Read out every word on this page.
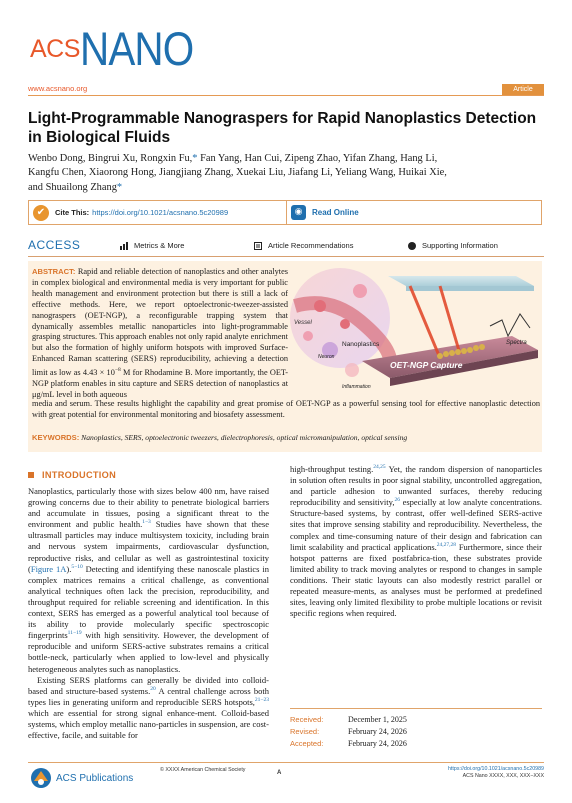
ACS NANO
www.acsnano.org	Article
Light-Programmable Nanograspers for Rapid Nanoplastics Detection in Biological Fluids
Wenbo Dong, Bingrui Xu, Rongxin Fu,* Fan Yang, Han Cui, Zipeng Zhao, Yifan Zhang, Hang Li,
Kangfu Chen, Xiaorong Hong, Jiangjiang Zhang, Xuekai Liu, Jiafang Li, Yeliang Wang, Huikai Xie,
and Shuailong Zhang*
✔	Cite This: https://doi.org/10.1021/acsnano.5c20989	◉	Read Online
ACCESS	Metrics & More	Article Recommendations	Supporting Information
ABSTRACT: Rapid and reliable detection of nanoplastics and other analytes in complex biological and environmental media is very important for public health management and environment protection but there is still a lack of effective methods. Here, we report optoelectronic-tweezer-assisted nanograspers (OET-NGP), a reconfigurable trapping system that dynamically assembles metallic nanoparticles into light-programmable grasping structures. This approach enables not only rapid analyte enrichment but also the formation of highly uniform hotspots with improved Surface-Enhanced Raman scattering (SERS) reproducibility, achieving a detection limit as low as $4.43 \times 10^{-8}$ M for Rhodamine B. More importantly, the OET-NGP platform enables in situ capture and SERS detection of nanoplastics at μg/mL level in both aqueous
media and serum. These results highlight the capability and great promise of OET-NGP as a powerful sensing tool for effective nanoplastic detection with great potential for environmental monitoring and biosafety assessment.
KEYWORDS: Nanoplastics, SERS, optoelectronic tweezers, dielectrophoresis, optical micromanipulation, optical sensing
Vessel
Nanoplastics
Neuron
Inflammation
Spectra
OET-NGP Capture
INTRODUCTION

Nanoplastics, particularly those with sizes below 400 nm, have raised growing concerns due to their ability to penetrate biological barriers and accumulate in tissues, posing a significant threat to the environment and public health.$^{1-3}$ Studies have shown that these ultrasmall particles may induce multisystem toxicity, including brain and nervous system impairments, cardiovascular dysfunction, reproductive risks, and cellular as well as gastrointestinal toxicity (Figure 1A).$^{5-10}$ Detecting and identifying these nanoscale plastics in complex matrices remains a critical challenge, as conventional analytical techniques often lack the precision, reproducibility, and throughput required for reliable screening and identification. In this context, SERS has emerged as a powerful analytical tool because of its ability to provide molecularly specific spectroscopic fingerprints$^{11-19}$ with high sensitivity. However, the development of reproducible and uniform SERS-active substrates remains a critical bottle-neck, particularly when applied to low-level and physically heterogeneous analytes such as nanoplastics.

Existing SERS platforms can generally be divided into colloid-based and structure-based systems.$^{20}$ A central challenge across both types lies in generating uniform and reproducible SERS hotspots,$^{21-23}$ which are essential for strong signal enhance-ment. Colloid-based systems, which employ metallic nano-particles in suspension, are cost-effective, facile, and suitable for

high-throughput testing.$^{24,25}$ Yet, the random dispersion of nanoparticles in solution often results in poor signal stability, uncontrolled aggregation, and particle adhesion to unwanted surfaces, thereby reducing reproducibility and sensitivity,$^{26}$ especially at low analyte concentrations. Structure-based systems, by contrast, offer well-defined SERS-active sites that improve sensing stability and reproducibility. Nevertheless, the complex and time-consuming nature of their design and fabrication can limit scalability and practical applications.$^{24,27,28}$ Furthermore, since their hotspot patterns are fixed postfabrica-tion, these substrates provide limited ability to track moving analytes or respond to changes in sample conditions. Their static layouts can also modestly restrict parallel or repeated measure-ments, as analyses must be performed at predefined sites, leaving only limited flexibility to probe multiple locations or revisit specific regions when required.

Received:	December 1, 2025
Revised:	February 24, 2026
Accepted:	February 24, 2026
ACS Publications
© XXXX American Chemical Society	A
https://doi.org/10.1021/acsnano.5c20989
ACS Nano XXXX, XXX, XXX−XXX
